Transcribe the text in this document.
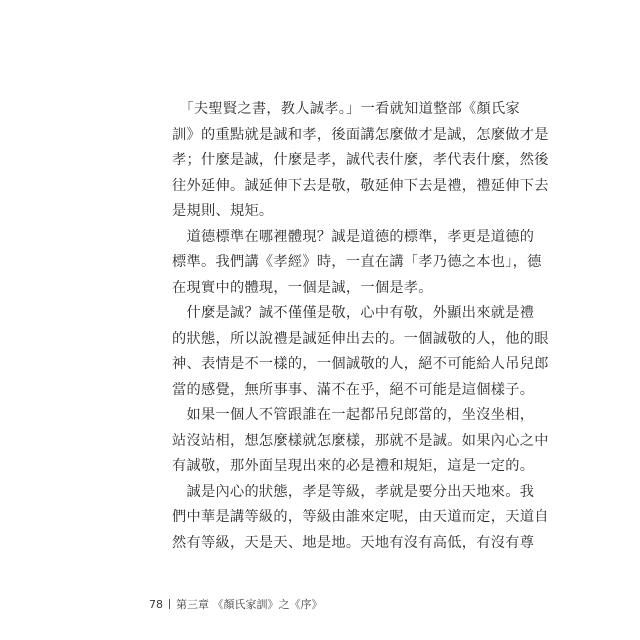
　「夫聖賢之書，教人誠孝。」一看就知道整部《顏氏家
訓》的重點就是誠和孝，後面講怎麼做才是誠，怎麼做才是
孝；什麼是誠，什麼是孝，誠代表什麼，孝代表什麼，然後
往外延伸。誠延伸下去是敬，敬延伸下去是禮，禮延伸下去
是規則、規矩。
　道德標準在哪裡體現？誠是道德的標準，孝更是道德的
標準。我們講《孝經》時，一直在講「孝乃德之本也」，德
在現實中的體現，一個是誠，一個是孝。
　什麼是誠？誠不僅僅是敬，心中有敬，外顯出來就是禮
的狀態，所以說禮是誠延伸出去的。一個誠敬的人，他的眼
神、表情是不一樣的，一個誠敬的人，絕不可能給人吊兒郎
當的感覺，無所事事、滿不在乎，絕不可能是這個樣子。
　如果一個人不管跟誰在一起都吊兒郎當的，坐沒坐相，
站沒站相，想怎麼樣就怎麼樣，那就不是誠。如果內心之中
有誠敬，那外面呈現出來的必是禮和規矩，這是一定的。
　誠是內心的狀態，孝是等級，孝就是要分出天地來。我
們中華是講等級的，等級由誰來定呢，由天道而定，天道自
然有等級，天是天、地是地。天地有沒有高低，有沒有尊
78 第三章 《顏氏家訓》之《序》
